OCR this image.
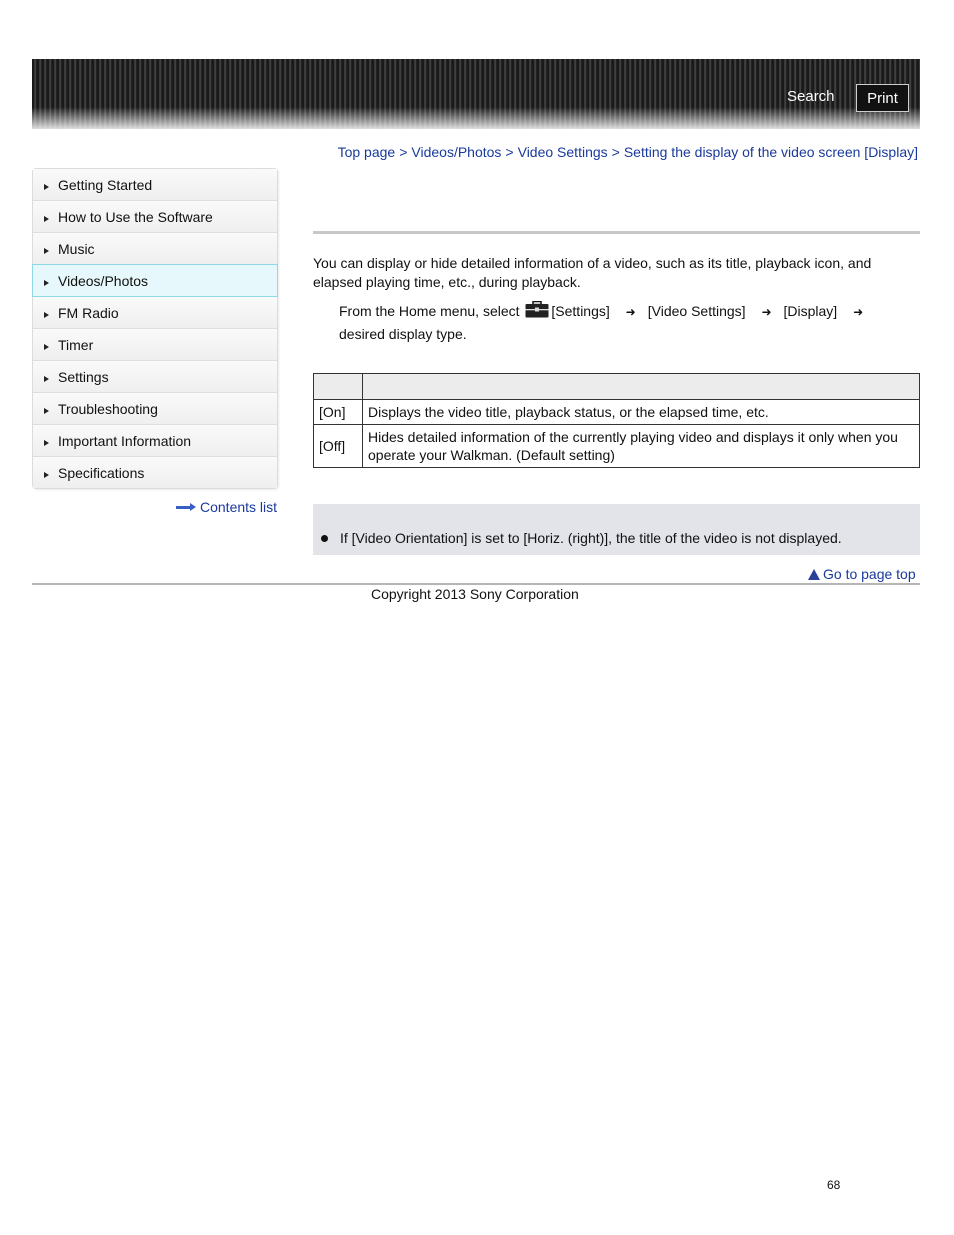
Search	Print
Top page > Videos/Photos > Video Settings > Setting the display of the video screen [Display]
Getting Started
How to Use the Software
Music
Videos/Photos
FM Radio
Timer
Settings
Troubleshooting
Important Information
Specifications
Contents list
You can display or hide detailed information of a video, such as its title, playback icon, and elapsed playing time, etc., during playback.
From the Home menu, select [Settings] ➜ [Video Settings] ➜ [Display] ➜desired display type.

[On]	Displays the video title, playback status, or the elapsed time, etc.
[Off]	Hides detailed information of the currently playing video and displays it only when you operate your Walkman. (Default setting)
If [Video Orientation] is set to [Horiz. (right)], the title of the video is not displayed.
Go to page top
Copyright 2013 Sony Corporation
68
